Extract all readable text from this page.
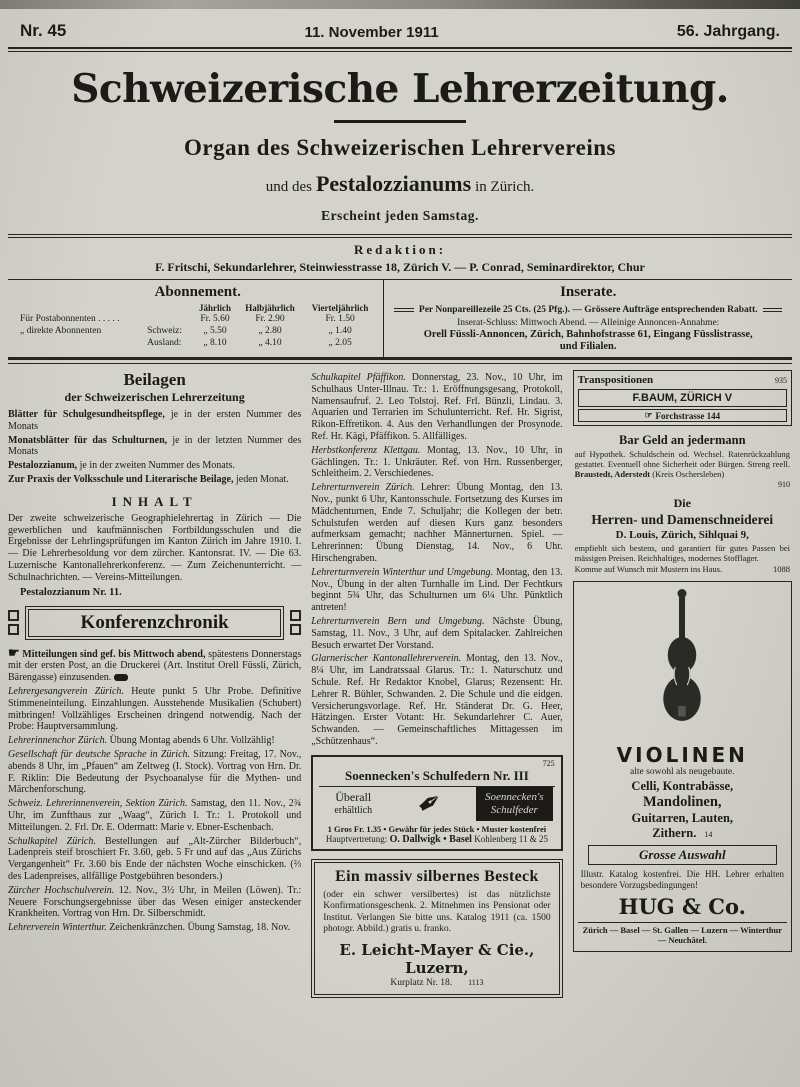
Nr. 45	11. November 1911	56. Jahrgang.
Schweizerische Lehrerzeitung.
Organ des Schweizerischen Lehrervereins
und des Pestalozzianums in Zürich.
Erscheint jeden Samstag.
Redaktion:
F. Fritschi, Sekundarlehrer, Steinwiesstrasse 18, Zürich V. — P. Conrad, Seminardirektor, Chur
Abonnement.
		Jährlich	Halbjährlich	Vierteljährlich
Für Postabonnenten . . . . .		Fr. 5.60	Fr. 2.90	Fr. 1.50
„ direkte Abonnenten	Schweiz:	„ 5.50	„ 2.80	„ 1.40
	Ausland:	„ 8.10	„ 4.10	„ 2.05
Inserate.
Per Nonpareillezeile 25 Cts. (25 Pfg.). — Grössere Aufträge entsprechenden Rabatt.
Inserat-Schluss: Mittwoch Abend. — Alleinige Annoncen-Annahme:
Orell Füssli-Annoncen, Zürich, Bahnhofstrasse 61, Eingang Füsslistrasse,
und Filialen.
Beilagen
der Schweizerischen Lehrerzeitung

Blätter für Schulgesundheitspflege, je in der ersten Nummer des Monats

Monatsblätter für das Schulturnen, je in der letzten Nummer des Monats

Pestalozzianum, je in der zweiten Nummer des Monats.

Zur Praxis der Volksschule und Literarische Beilage, jeden Monat.

INHALT

Der zweite schweizerische Geographielehrertag in Zürich — Die gewerblichen und kaufmännischen Fortbildungsschulen und die Ergebnisse der Lehrlingsprüfungen im Kanton Zürich im Jahre 1910. I. — Die Lehrerbesoldung vor dem zürcher. Kantonsrat. IV. — Die 63. Luzernische Kantonallehrerkonferenz. — Zum Zeichenunterricht. — Schulnachrichten. — Vereins-Mitteilungen.

Pestalozzianum Nr. 11.
Konferenzchronik

☛ Mitteilungen sind gef. bis Mittwoch abend, spätestens Donnerstags mit der ersten Post, an die Druckerei (Art. Institut Orell Füssli, Zürich, Bärengasse) einzusenden.

Lehrergesangverein Zürich. Heute punkt 5 Uhr Probe. Definitive Stimmeneinteilung. Einzahlungen. Ausstehende Musikalien (Schubert) mitbringen! Vollzähliges Erscheinen dringend notwendig. Nach der Probe: Hauptversammlung.

Lehrerinnenchor Zürich. Übung Montag abends 6 Uhr. Vollzählig!

Gesellschaft für deutsche Sprache in Zürich. Sitzung: Freitag, 17. Nov., abends 8 Uhr, im „Pfauen“ am Zeltweg (I. Stock). Vortrag von Hrn. Dr. F. Riklin: Die Bedeutung der Psychoanalyse für die Mythen- und Märchenforschung.

Schweiz. Lehrerinnenverein, Sektion Zürich. Samstag, den 11. Nov., 2¾ Uhr, im Zunfthaus zur „Waag“, Zürich I. Tr.: 1. Protokoll und Mitteilungen. 2. Frl. Dr. E. Odermatt: Marie v. Ebner-Eschenbach.

Schulkapitel Zürich. Bestellungen auf „Alt-Zürcher Bilderbuch“, Ladenpreis steif broschiert Fr. 3.60, geb. 5 Fr und auf das „Aus Zürichs Vergangenheit“ Fr. 3.60 bis Ende der nächsten Woche einschicken. (⅔ des Ladenpreises, allfällige Postgebühren besonders.)

Zürcher Hochschulverein. 12. Nov., 3½ Uhr, in Meilen (Löwen). Tr.: Neuere Forschungsergebnisse über das Wesen einiger ansteckender Krankheiten. Vortrag von Hrn. Dr. Silberschmidt.

Lehrerverein Winterthur. Zeichenkränzchen. Übung Samstag, 18. Nov.

Schulkapitel Pfäffikon. Donnerstag, 23. Nov., 10 Uhr, im Schulhaus Unter-Illnau. Tr.: 1. Eröffnungsgesang, Protokoll, Namensaufruf. 2. Leo Tolstoj. Ref. Frl. Bünzli, Lindau. 3. Aquarien und Terrarien im Schulunterricht. Ref. Hr. Sigrist, Rikon-Effretikon. 4. Aus den Verhandlungen der Prosynode. Ref. Hr. Kägi, Pfäffikon. 5. Allfälliges.

Herbstkonferenz Klettgau. Montag, 13. Nov., 10 Uhr, in Gächlingen. Tr.: 1. Unkräuter. Ref. von Hrn. Russenberger, Schleitheim. 2. Verschiedenes.

Lehrerturnverein Zürich. Lehrer: Übung Montag, den 13. Nov., punkt 6 Uhr, Kantonsschule. Fortsetzung des Kurses im Mädchenturnen, Ende 7. Schuljahr; die Kollegen der betr. Schulstufen werden auf diesen Kurs ganz besonders aufmerksam gemacht; nachher Männerturnen. Spiel. — Lehrerinnen: Übung Dienstag, 14. Nov., 6 Uhr. Hirschengraben.

Lehrerturnverein Winterthur und Umgebung. Montag, den 13. Nov., Übung in der alten Turnhalle im Lind. Der Fechtkurs beginnt 5¾ Uhr, das Schulturnen um 6¼ Uhr. Pünktlich antreten!

Lehrerturnverein Bern und Umgebung. Nächste Übung, Samstag, 11. Nov., 3 Uhr, auf dem Spitalacker. Zahlreichen Besuch erwartet Der Vorstand.

Glarnerischer Kantonallehrerverein. Montag, den 13. Nov., 8¼ Uhr, im Landratssaal Glarus. Tr.: 1. Naturschutz und Schule. Ref. Hr Redaktor Knobel, Glarus; Rezensent: Hr. Lehrer R. Bühler, Schwanden. 2. Die Schule und die eidgen. Versicherungsvorlage. Ref. Hr. Ständerat Dr. G. Heer, Hätzingen. Erster Votant: Hr. Sekundarlehrer C. Auer, Schwanden. — Gemeinschaftliches Mittagessen im „Schützenhaus“.

725
Soennecken's Schulfedern Nr. III
Überall
erhältlich	✒	Soennecken's
Schulfeder
1 Gros Fr. 1.35 • Gewähr für jedes Stück • Muster kostenfrei
Hauptvertretung: O. Dallwigk • Basel Kohlenberg 11 & 25
Ein massiv silbernes Besteck

(oder ein schwer versilbertes) ist das nützlichste Konfirmationsgeschenk. 2. Mitnehmen ins Pensionat oder Institut. Verlangen Sie bitte uns. Katalog 1911 (ca. 1500 photogr. Abbild.) gratis u. franko.

E. Leicht-Mayer & Cie., Luzern,
Kurplatz Nr. 18. 1113
Transpositionen	935
F.BAUM, ZÜRICH V
☞ Forchstrasse 144
Bar Geld an jedermann

auf Hypothek. Schuldschein od. Wechsel. Ratenrückzahlung gestattet. Eventuell ohne Sicherheit oder Bürgen. Streng reell. Braustedt, Aderstedt (Kreis Oschersleben)

910
Die
Herren- und Damenschneiderei
D. Louis, Zürich, Sihlquai 9,

empfiehlt sich bestens, und garantiert für gutes Passen bei mässigen Preisen. Reichhaltiges, modernes Stofflager.

Komme auf Wunsch mit Mustern ins Haus.	1088
VIOLINEN
alte sowohl als neugebaute.
Celli, Kontrabässe,
Mandolinen,
Guitarren, Lauten,
Zithern. 14
Grosse Auswahl

Illustr. Katalog kostenfrei. Die HH. Lehrer erhalten besondere Vorzugsbedingungen!

HUG & Co.
Zürich — Basel — St. Gallen — Luzern — Winterthur — Neuchâtel.
